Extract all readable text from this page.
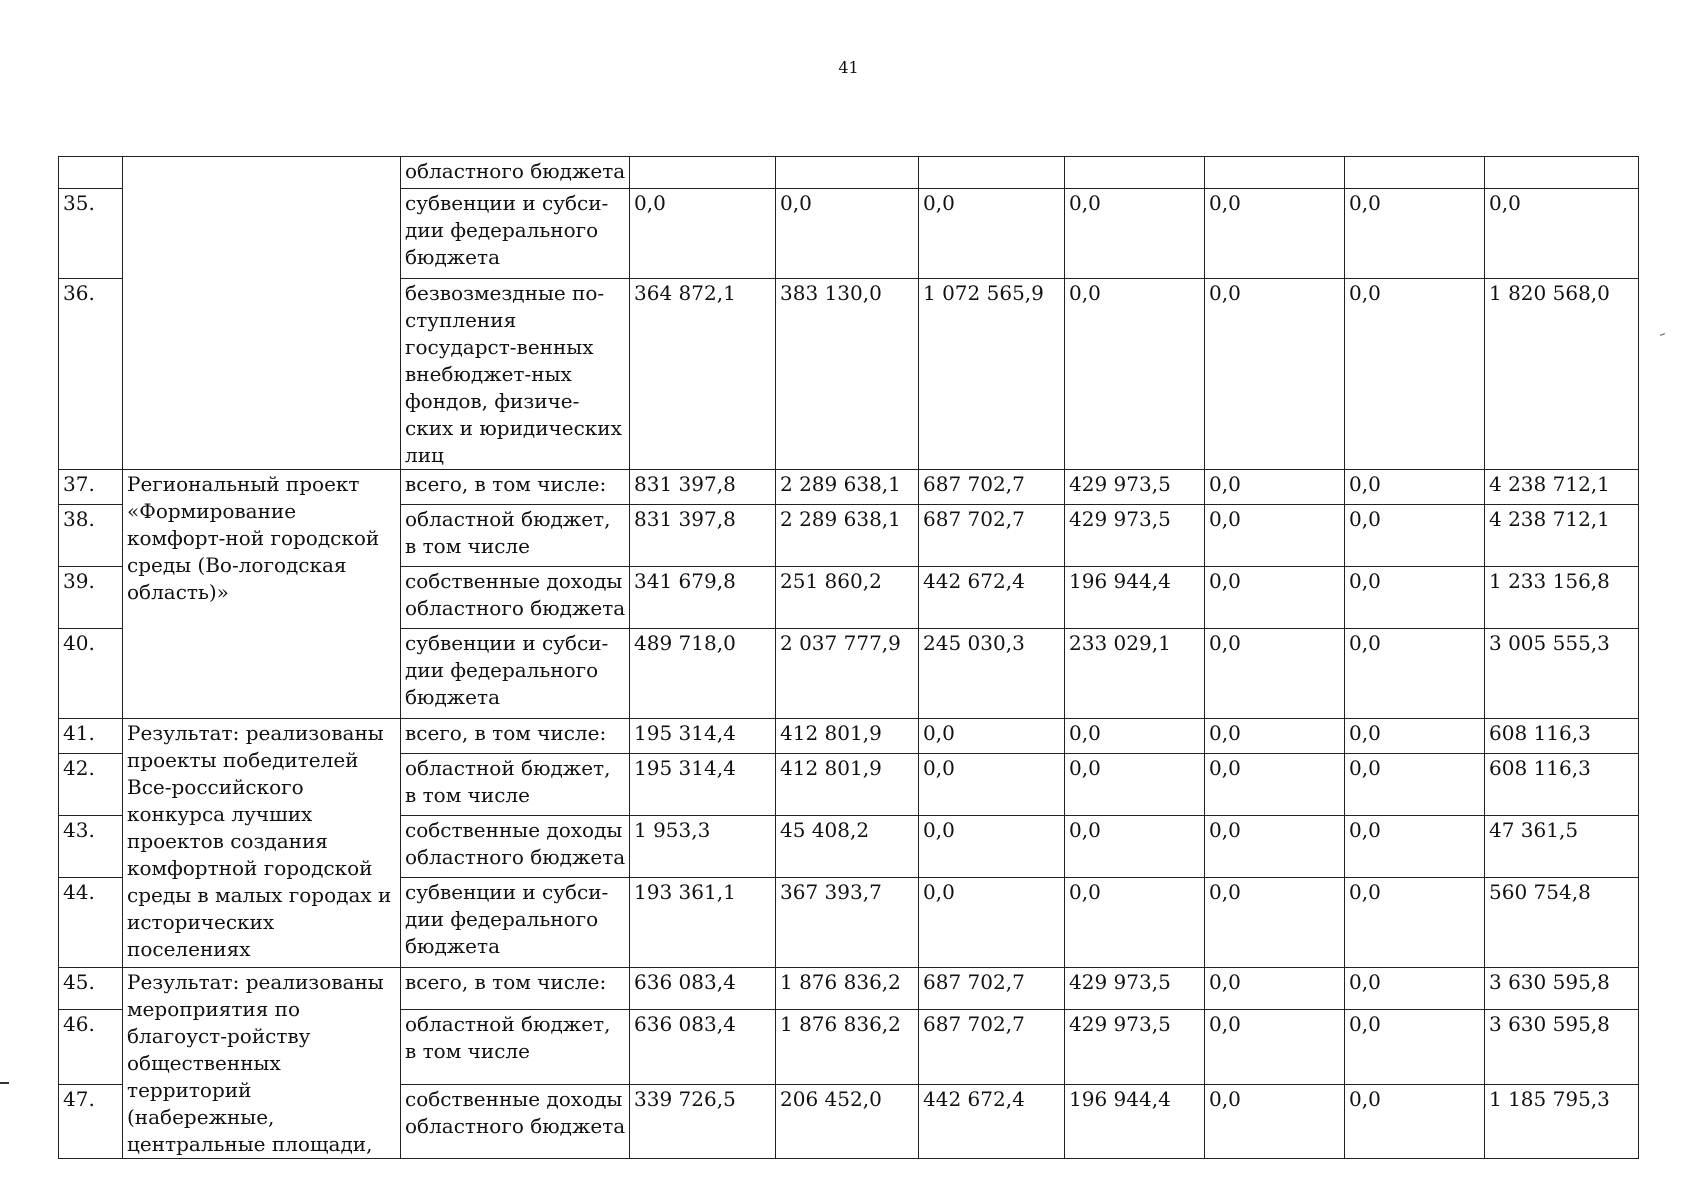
41
		областного бюджета							
35.		субвенции и субси-дии федерального бюджета	0,0	0,0	0,0	0,0	0,0	0,0	0,0
36.		безвозмездные по-ступления государст-венных внебюджет-ных фондов, физиче-ских и юридических лиц	364 872,1	383 130,0	1 072 565,9	0,0	0,0	0,0	1 820 568,0
37.	Региональный проект «Формирование комфорт-ной городской среды (Во-логодская область)»	всего, в том числе:	831 397,8	2 289 638,1	687 702,7	429 973,5	0,0	0,0	4 238 712,1
38.		областной бюджет, в том числе	831 397,8	2 289 638,1	687 702,7	429 973,5	0,0	0,0	4 238 712,1
39.		собственные доходы областного бюджета	341 679,8	251 860,2	442 672,4	196 944,4	0,0	0,0	1 233 156,8
40.		субвенции и субси-дии федерального бюджета	489 718,0	2 037 777,9	245 030,3	233 029,1	0,0	0,0	3 005 555,3
41.	Результат: реализованы проекты победителей Все-российского конкурса лучших проектов создания комфортной городской среды в малых городах и исторических поселениях	всего, в том числе:	195 314,4	412 801,9	0,0	0,0	0,0	0,0	608 116,3
42.		областной бюджет, в том числе	195 314,4	412 801,9	0,0	0,0	0,0	0,0	608 116,3
43.		собственные доходы областного бюджета	1 953,3	45 408,2	0,0	0,0	0,0	0,0	47 361,5
44.		субвенции и субси-дии федерального бюджета	193 361,1	367 393,7	0,0	0,0	0,0	0,0	560 754,8
45.	Результат: реализованы мероприятия по благоуст-ройству общественных территорий (набережные, центральные площади,	всего, в том числе:	636 083,4	1 876 836,2	687 702,7	429 973,5	0,0	0,0	3 630 595,8
46.		областной бюджет, в том числе	636 083,4	1 876 836,2	687 702,7	429 973,5	0,0	0,0	3 630 595,8
47.		собственные доходы областного бюджета	339 726,5	206 452,0	442 672,4	196 944,4	0,0	0,0	1 185 795,3
